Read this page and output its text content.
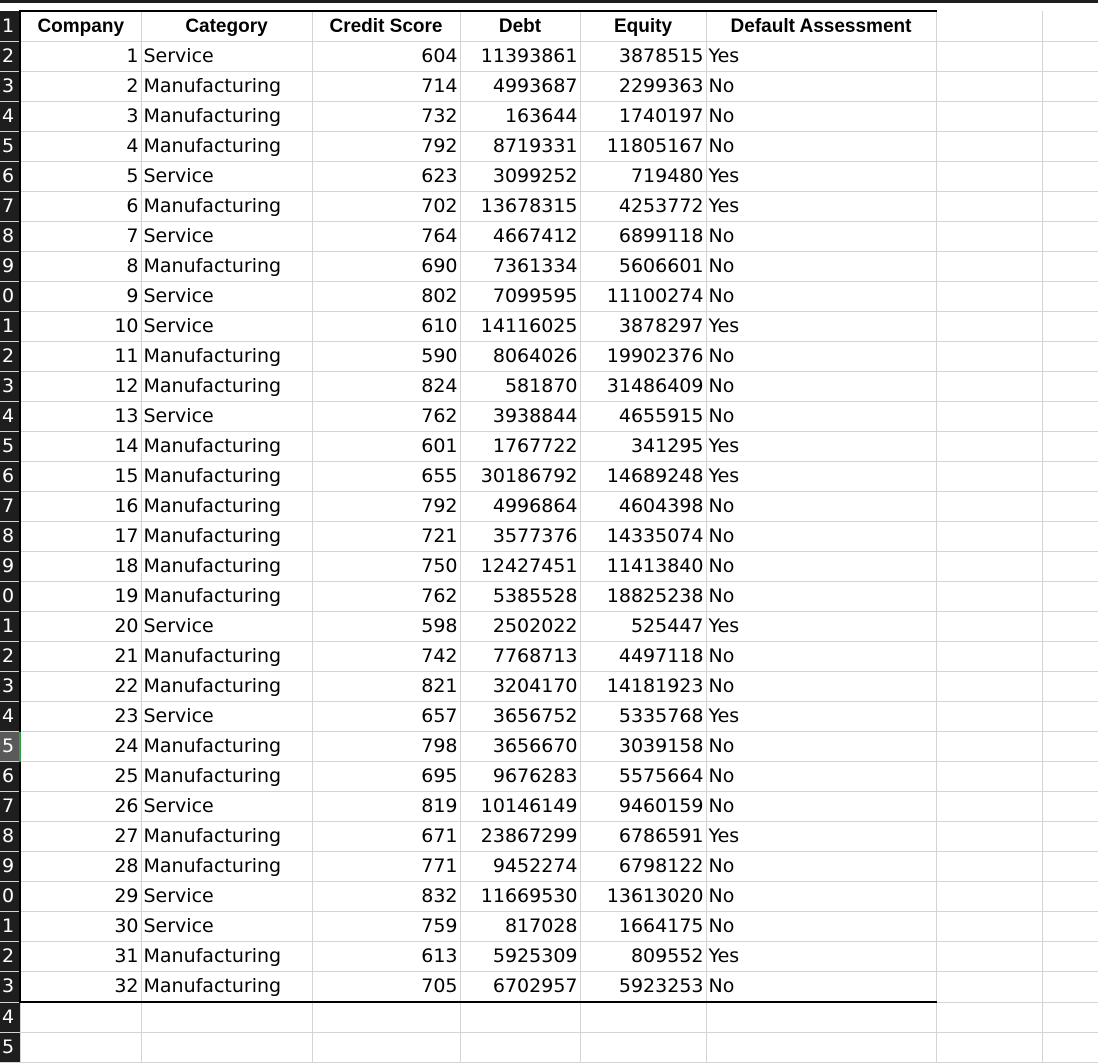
1	Company	Category	Credit Score	Debt	Equity	Default Assessment		
2	1	Service	604	11393861	3878515	Yes		
3	2	Manufacturing	714	4993687	2299363	No		
4	3	Manufacturing	732	163644	1740197	No		
5	4	Manufacturing	792	8719331	11805167	No		
6	5	Service	623	3099252	719480	Yes		
7	6	Manufacturing	702	13678315	4253772	Yes		
8	7	Service	764	4667412	6899118	No		
9	8	Manufacturing	690	7361334	5606601	No		
0	9	Service	802	7099595	11100274	No		
1	10	Service	610	14116025	3878297	Yes		
2	11	Manufacturing	590	8064026	19902376	No		
3	12	Manufacturing	824	581870	31486409	No		
4	13	Service	762	3938844	4655915	No		
5	14	Manufacturing	601	1767722	341295	Yes		
6	15	Manufacturing	655	30186792	14689248	Yes		
7	16	Manufacturing	792	4996864	4604398	No		
8	17	Manufacturing	721	3577376	14335074	No		
9	18	Manufacturing	750	12427451	11413840	No		
0	19	Manufacturing	762	5385528	18825238	No		
1	20	Service	598	2502022	525447	Yes		
2	21	Manufacturing	742	7768713	4497118	No		
3	22	Manufacturing	821	3204170	14181923	No		
4	23	Service	657	3656752	5335768	Yes		
5	24	Manufacturing	798	3656670	3039158	No		
6	25	Manufacturing	695	9676283	5575664	No		
7	26	Service	819	10146149	9460159	No		
8	27	Manufacturing	671	23867299	6786591	Yes		
9	28	Manufacturing	771	9452274	6798122	No		
0	29	Service	832	11669530	13613020	No		
1	30	Service	759	817028	1664175	No		
2	31	Manufacturing	613	5925309	809552	Yes		
3	32	Manufacturing	705	6702957	5923253	No		
4								
5								
